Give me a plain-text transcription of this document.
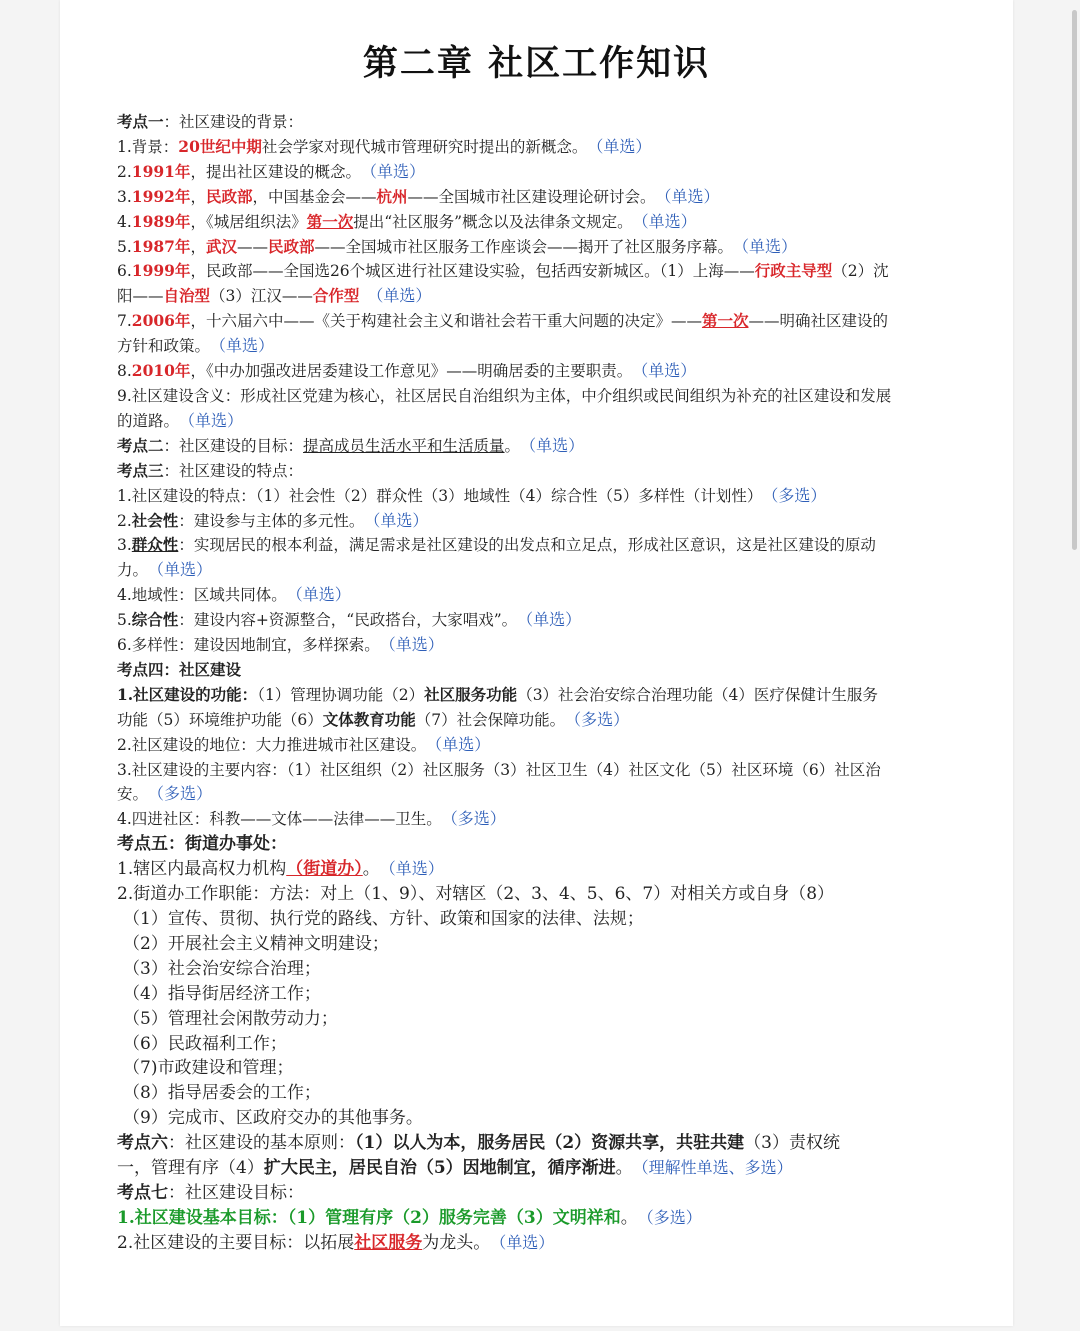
第二章 社区工作知识
考点一：社区建设的背景：
1.背景：20世纪中期社会学家对现代城市管理研究时提出的新概念。 （单选）
2.1991年，提出社区建设的概念。 （单选）
3.1992年，民政部，中国基金会——杭州——全国城市社区建设理论研讨会。 （单选）
4.1989年，《城居组织法》第一次提出“社区服务”概念以及法律条文规定。 （单选）
5.1987年，武汉——民政部——全国城市社区服务工作座谈会——揭开了社区服务序幕。 （单选）
6.1999年，民政部——全国选26个城区进行社区建设实验，包括西安新城区。（1）上海——行政主导型（2）沈
阳——自治型（3）江汉——合作型 （单选）
7.2006年，十六届六中——《关于构建社会主义和谐社会若干重大问题的决定》——第一次——明确社区建设的
方针和政策。 （单选）
8.2010年，《中办加强改进居委建设工作意见》——明确居委的主要职责。 （单选）
9.社区建设含义：形成社区党建为核心，社区居民自治组织为主体，中介组织或民间组织为补充的社区建设和发展
的道路。 （单选）
考点二：社区建设的目标：提高成员生活水平和生活质量。 （单选）
考点三：社区建设的特点：
1.社区建设的特点：（1）社会性（2）群众性（3）地域性（4）综合性（5）多样性（计划性） （多选）
2.社会性：建设参与主体的多元性。 （单选）
3.群众性：实现居民的根本利益，满足需求是社区建设的出发点和立足点，形成社区意识，这是社区建设的原动
力。 （单选）
4.地域性：区域共同体。 （单选）
5.综合性：建设内容+资源整合，“民政搭台，大家唱戏”。 （单选）
6.多样性：建设因地制宜，多样探索。 （单选）
考点四：社区建设
1.社区建设的功能：（1）管理协调功能（2）社区服务功能（3）社会治安综合治理功能（4）医疗保健计生服务
功能（5）环境维护功能（6）文体教育功能（7）社会保障功能。 （多选）
2.社区建设的地位：大力推进城市社区建设。 （单选）
3.社区建设的主要内容：（1）社区组织（2）社区服务（3）社区卫生（4）社区文化（5）社区环境（6）社区治
安。 （多选）
4.四进社区：科教——文体——法律——卫生。 （多选）
考点五：街道办事处：
1.辖区内最高权力机构（街道办）。 （单选）
2.街道办工作职能：方法：对上（1、9）、对辖区（2、3、4、5、6、7）对相关方或自身（8）
（1）宣传、贯彻、执行党的路线、方针、政策和国家的法律、法规；
（2）开展社会主义精神文明建设；
（3）社会治安综合治理；
（4）指导街居经济工作；
（5）管理社会闲散劳动力；
（6）民政福利工作；
（7)市政建设和管理；
（8）指导居委会的工作；
（9）完成市、区政府交办的其他事务。
考点六：社区建设的基本原则：（1）以人为本，服务居民（2）资源共享，共驻共建（3）责权统
一，管理有序（4）扩大民主，居民自治（5）因地制宜，循序渐进。 （理解性单选、多选）
考点七：社区建设目标：
1.社区建设基本目标：（1）管理有序（2）服务完善（3）文明祥和。 （多选）
2.社区建设的主要目标：以拓展社区服务为龙头。 （单选）
